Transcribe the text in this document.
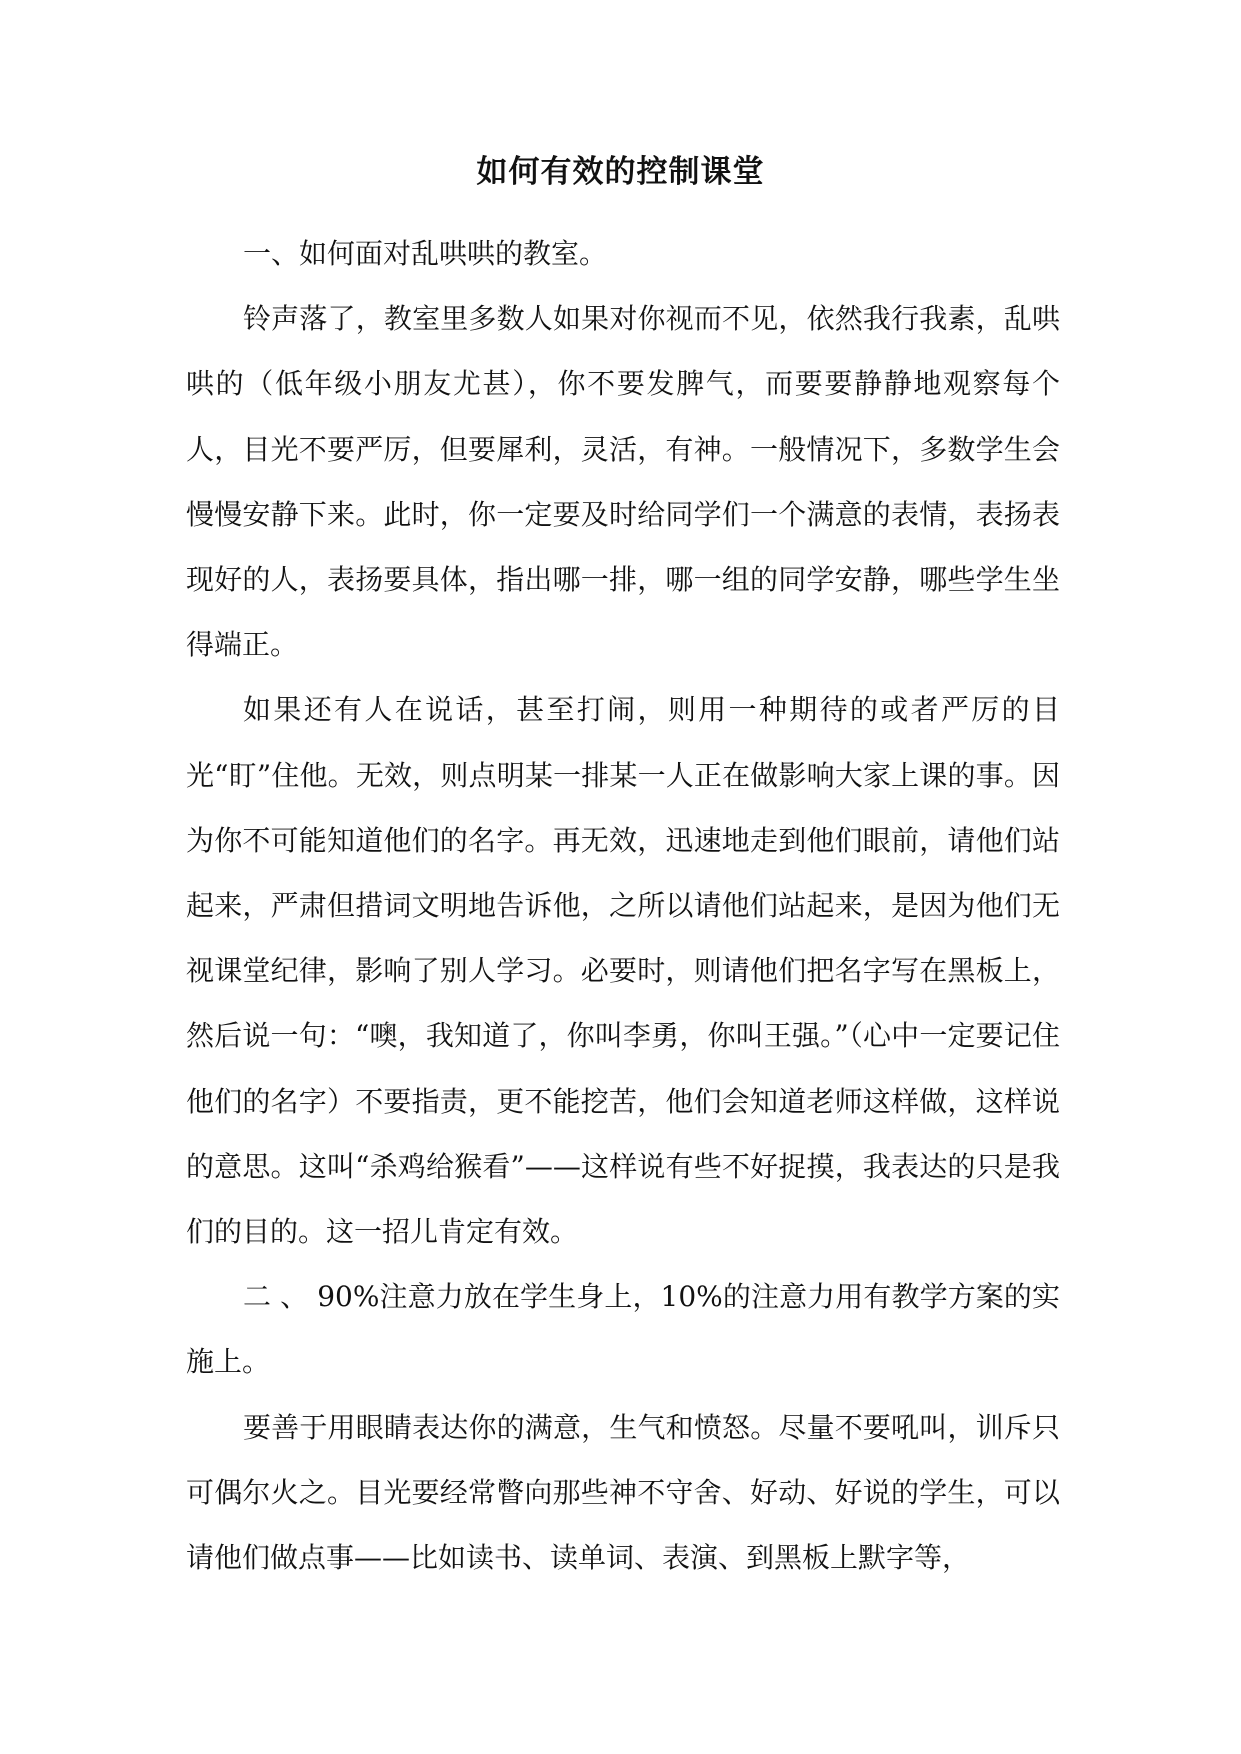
如何有效的控制课堂

一、如何面对乱哄哄的教室。

铃声落了，教室里多数人如果对你视而不见，依然我行我素，乱哄哄的（低年级小朋友尤甚），你不要发脾气，而要要静静地观察每个人，目光不要严厉，但要犀利，灵活，有神。一般情况下，多数学生会慢慢安静下来。此时，你一定要及时给同学们一个满意的表情，表扬表现好的人，表扬要具体，指出哪一排，哪一组的同学安静，哪些学生坐得端正。

如果还有人在说话，甚至打闹，则用一种期待的或者严厉的目光“盯”住他。无效，则点明某一排某一人正在做影响大家上课的事。因为你不可能知道他们的名字。再无效，迅速地走到他们眼前，请他们站起来，严肃但措词文明地告诉他，之所以请他们站起来，是因为他们无视课堂纪律，影响了别人学习。必要时，则请他们把名字写在黑板上，然后说一句：“噢，我知道了，你叫李勇，你叫王强。”（心中一定要记住他们的名字）不要指责，更不能挖苦，他们会知道老师这样做，这样说的意思。这叫“杀鸡给猴看”——这样说有些不好捉摸，我表达的只是我们的目的。这一招儿肯定有效。

二 、 90%注意力放在学生身上，10%的注意力用有教学方案的实施上。

要善于用眼睛表达你的满意，生气和愤怒。尽量不要吼叫，训斥只可偶尔火之。目光要经常瞥向那些神不守舍、好动、好说的学生，可以请他们做点事——比如读书、读单词、表演、到黑板上默字等，
